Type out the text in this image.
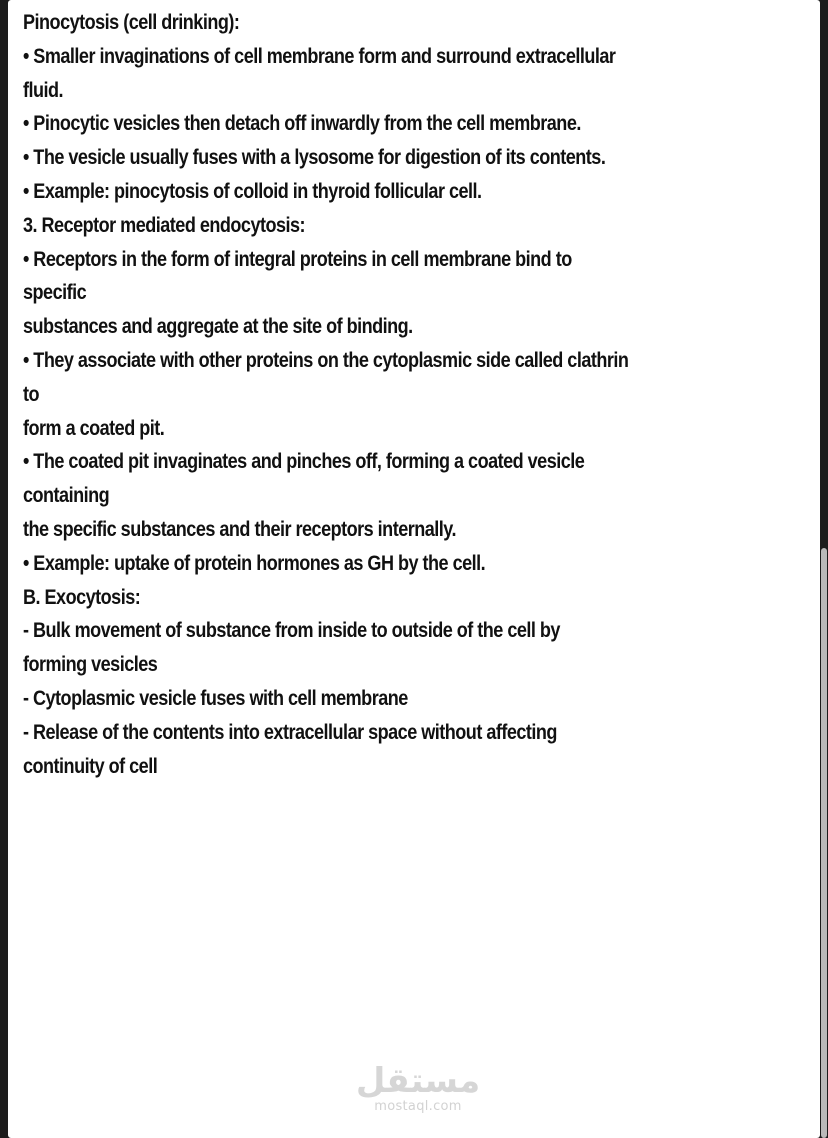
Pinocytosis (cell drinking):
• Smaller invaginations of cell membrane form and surround extracellular
fluid.
• Pinocytic vesicles then detach off inwardly from the cell membrane.
• The vesicle usually fuses with a lysosome for digestion of its contents.
• Example: pinocytosis of colloid in thyroid follicular cell.
3. Receptor mediated endocytosis:
• Receptors in the form of integral proteins in cell membrane bind to
specific
substances and aggregate at the site of binding.
• They associate with other proteins on the cytoplasmic side called clathrin
to
form a coated pit.
• The coated pit invaginates and pinches off, forming a coated vesicle
containing
the specific substances and their receptors internally.
• Example: uptake of protein hormones as GH by the cell.
B. Exocytosis:
- Bulk movement of substance from inside to outside of the cell by
forming vesicles
- Cytoplasmic vesicle fuses with cell membrane
- Release of the contents into extracellular space without affecting
continuity of cell
مستقل
mostaql.com
